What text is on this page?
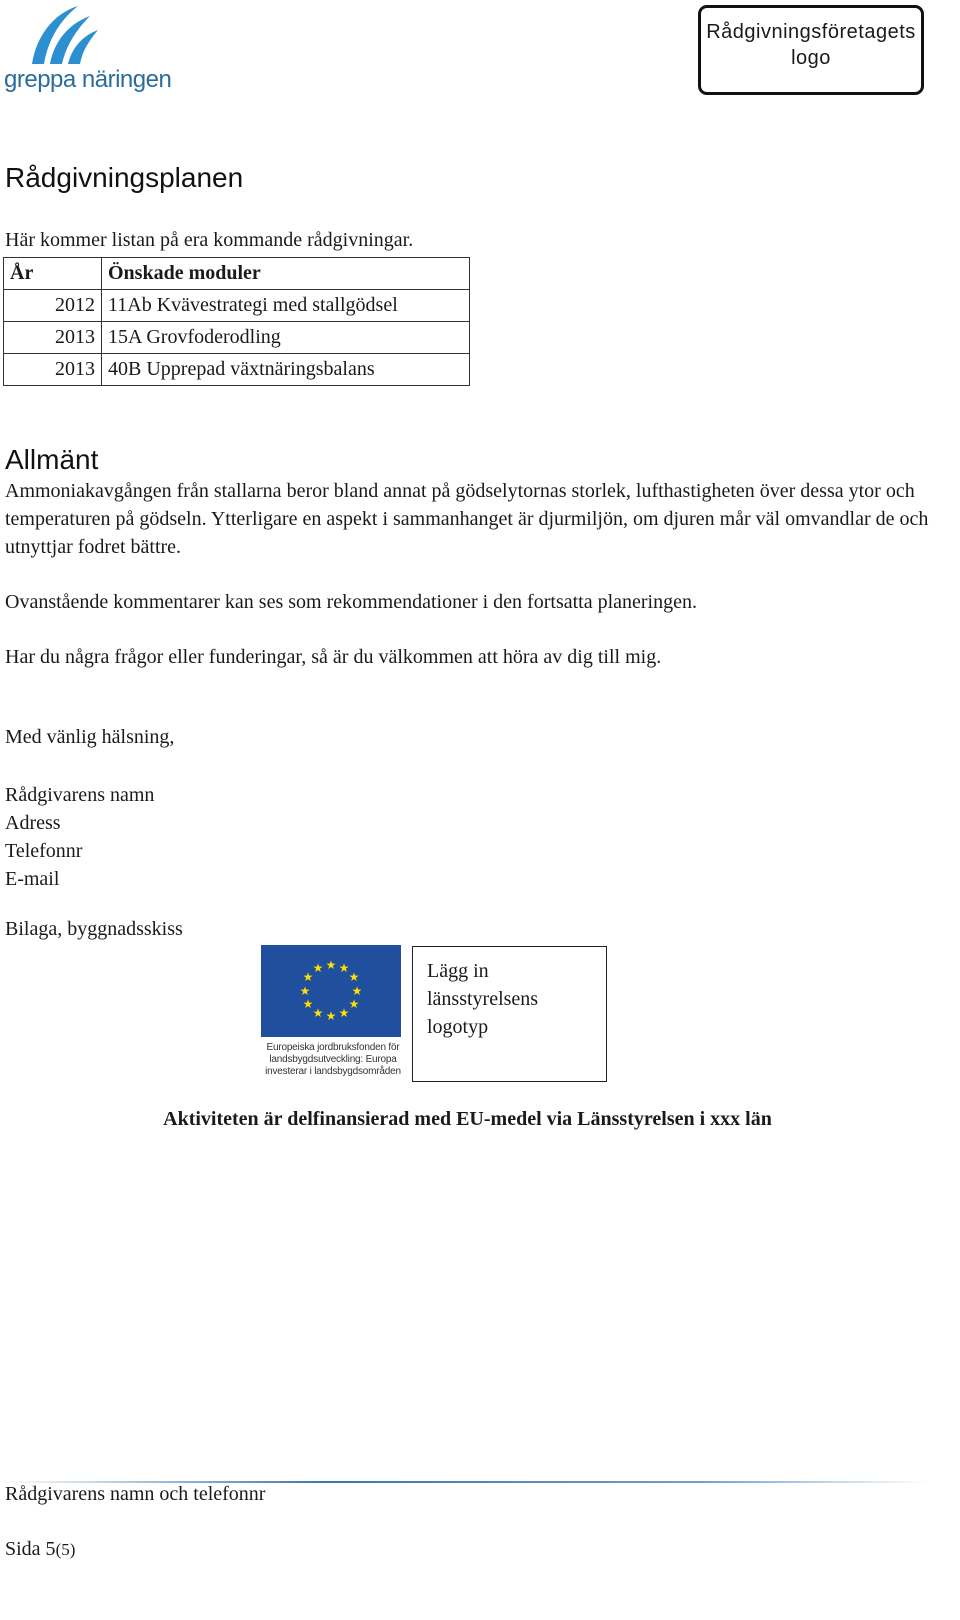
greppa näringen
Rådgivningsföretagets logo
Rådgivningsplanen
Här kommer listan på era kommande rådgivningar.
År	Önskade moduler
2012	11Ab Kvävestrategi med stallgödsel
2013	15A Grovfoderodling
2013	40B Upprepad växtnäringsbalans
Allmänt
Ammoniakavgången från stallarna beror bland annat på gödselytornas storlek, lufthastigheten över dessa ytor och temperaturen på gödseln. Ytterligare en aspekt i sammanhanget är djurmiljön, om djuren mår väl omvandlar de och utnyttjar fodret bättre.
Ovanstående kommentarer kan ses som rekommendationer i den fortsatta planeringen.
Har du några frågor eller funderingar, så är du välkommen att höra av dig till mig.
Med vänlig hälsning,
Rådgivarens namn
Adress
Telefonnr
E-mail
Bilaga, byggnadsskiss
★ ★
★
★
★
★
★
★
★
★
★
★
Europeiska jordbruksfonden för landsbygdsutveckling: Europa investerar i landsbygdsområden
Lägg in länsstyrelsens logotyp
Aktiviteten är delfinansierad med EU-medel via Länsstyrelsen i xxx län
Rådgivarens namn och telefonnr
Sida 5(5)
